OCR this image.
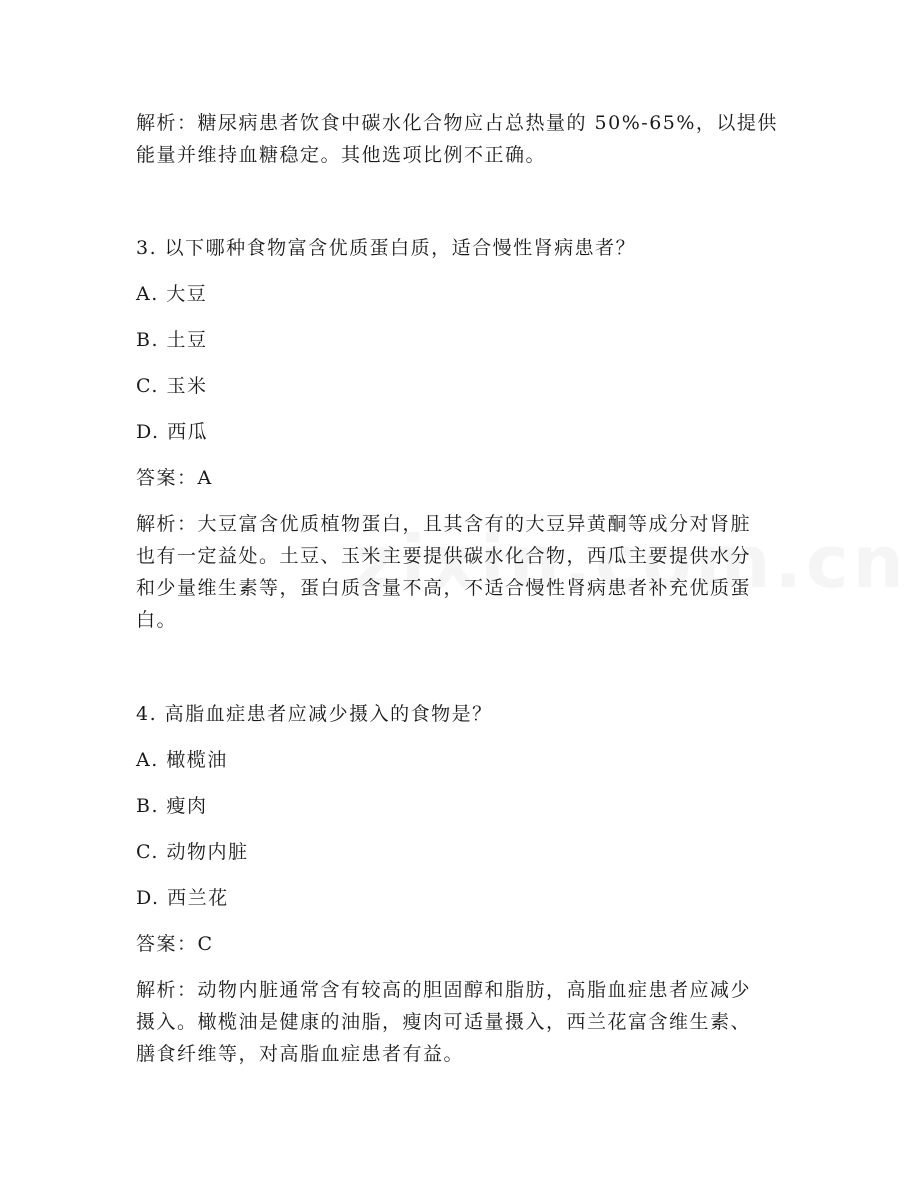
解析：糖尿病患者饮食中碳水化合物应占总热量的 50%-65%，以提供
能量并维持血糖稳定。其他选项比例不正确。
3. 以下哪种食物富含优质蛋白质，适合慢性肾病患者？
A. 大豆
B. 土豆
C. 玉米
D. 西瓜
答案：A
解析：大豆富含优质植物蛋白，且其含有的大豆异黄酮等成分对肾脏
也有一定益处。土豆、玉米主要提供碳水化合物，西瓜主要提供水分
和少量维生素等，蛋白质含量不高，不适合慢性肾病患者补充优质蛋
白。
4. 高脂血症患者应减少摄入的食物是？
A. 橄榄油
B. 瘦肉
C. 动物内脏
D. 西兰花
答案：C
解析：动物内脏通常含有较高的胆固醇和脂肪，高脂血症患者应减少
摄入。橄榄油是健康的油脂，瘦肉可适量摄入，西兰花富含维生素、
膳食纤维等，对高脂血症患者有益。
